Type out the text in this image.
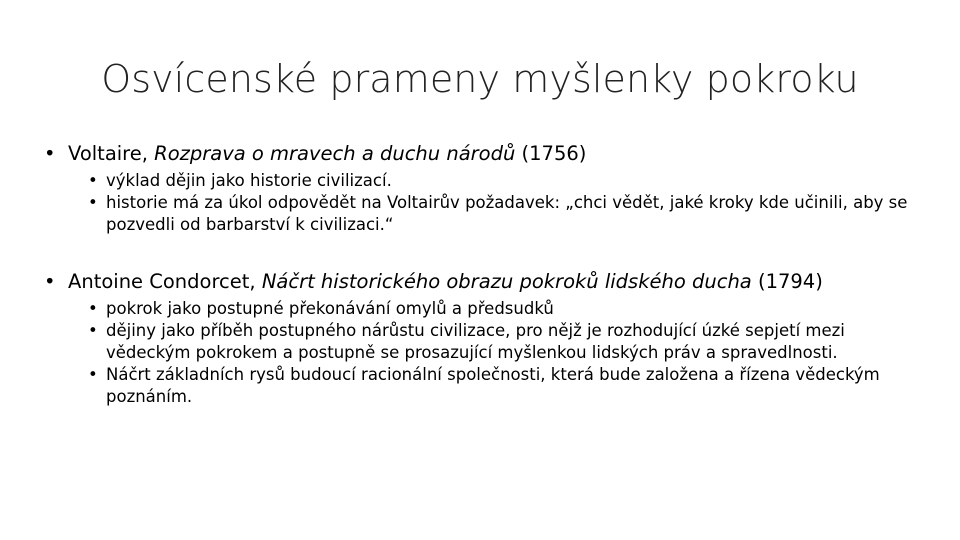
Osvícenské prameny myšlenky pokroku

• Voltaire, Rozprava o mravech a duchu národů (1756)

• výklad dějin jako historie civilizací.

• historie má za úkol odpovědět na Voltairův požadavek: „chci vědět, jaké kroky kde učinili, aby se pozvedli od barbarství k civilizaci.“

• Antoine Condorcet, Náčrt historického obrazu pokroků lidského ducha (1794)

• pokrok jako postupné překonávání omylů a předsudků

• dějiny jako příběh postupného nárůstu civilizace, pro nějž je rozhodující úzké sepjetí mezi vědeckým pokrokem a postupně se prosazující myšlenkou lidských práv a spravedlnosti.

• Náčrt základních rysů budoucí racionální společnosti, která bude založena a řízena vědeckým poznáním.
